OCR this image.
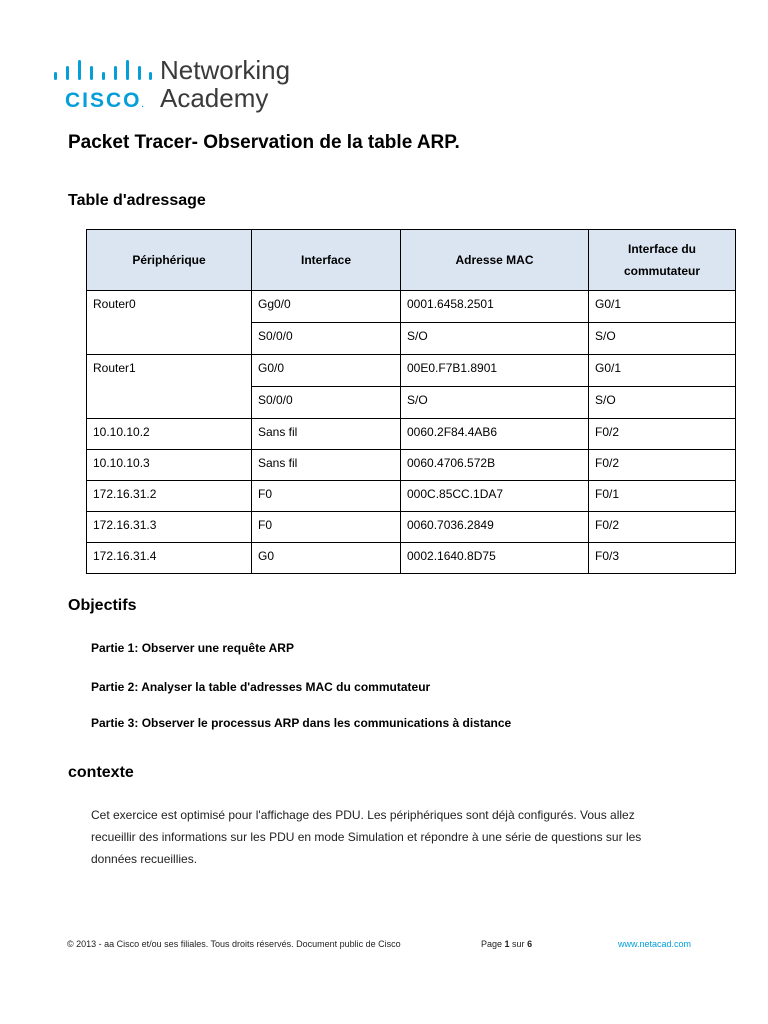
CISCO.
Networking
Academy
Packet Tracer- Observation de la table ARP.
Table d'adressage
Périphérique	Interface	Adresse MAC	Interface du commutateur
Router0	Gg0/0	0001.6458.2501	G0/1
	S0/0/0	S/O	S/O
Router1	G0/0	00E0.F7B1.8901	G0/1
	S0/0/0	S/O	S/O
10.10.10.2	Sans fil	0060.2F84.4AB6	F0/2
10.10.10.3	Sans fil	0060.4706.572B	F0/2
172.16.31.2	F0	000C.85CC.1DA7	F0/1
172.16.31.3	F0	0060.7036.2849	F0/2
172.16.31.4	G0	0002.1640.8D75	F0/3
Objectifs
Partie 1: Observer une requête ARP
Partie 2: Analyser la table d'adresses MAC du commutateur
Partie 3: Observer le processus ARP dans les communications à distance
contexte
Cet exercice est optimisé pour l'affichage des PDU. Les périphériques sont déjà configurés. Vous allez recueillir des informations sur les PDU en mode Simulation et répondre à une série de questions sur les données recueillies.
© 2013 - aa Cisco et/ou ses filiales. Tous droits réservés. Document public de Cisco	Page 1 sur 6	www.netacad.com
